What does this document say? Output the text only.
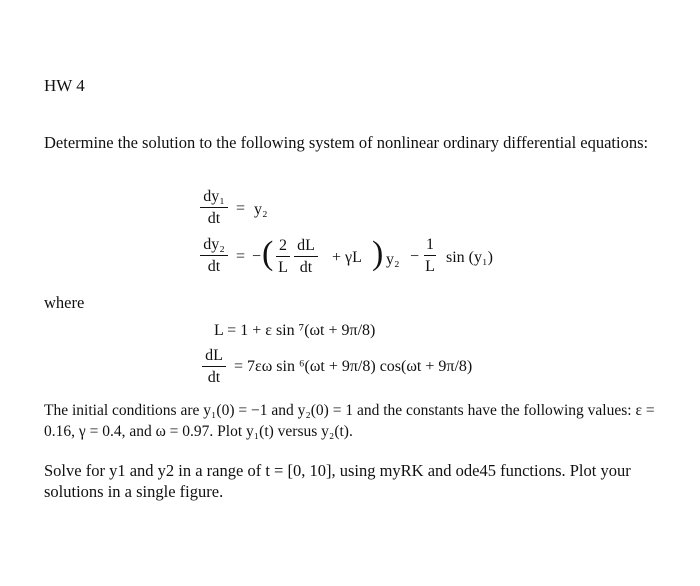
HW 4
Determine the solution to the following system of nonlinear ordinary differential equations:
dy₁
dt
= y₂
dy₂
dt
= − ( 2
L
dL
dt
+ γL ) y₂ −
1
L
sin (y₁)
where
L = 1 + ε sin ⁷(ωt + 9π/8)
dL
dt
= 7εω sin ⁶(ωt + 9π/8) cos(ωt + 9π/8)
The initial conditions are y₁(0) = −1 and y₂(0) = 1 and the constants have the following values: ε = 0.16, γ = 0.4, and ω = 0.97. Plot y₁(t) versus y₂(t).
Solve for y1 and y2 in a range of t = [0, 10], using myRK and ode45 functions. Plot your solutions in a single figure.
